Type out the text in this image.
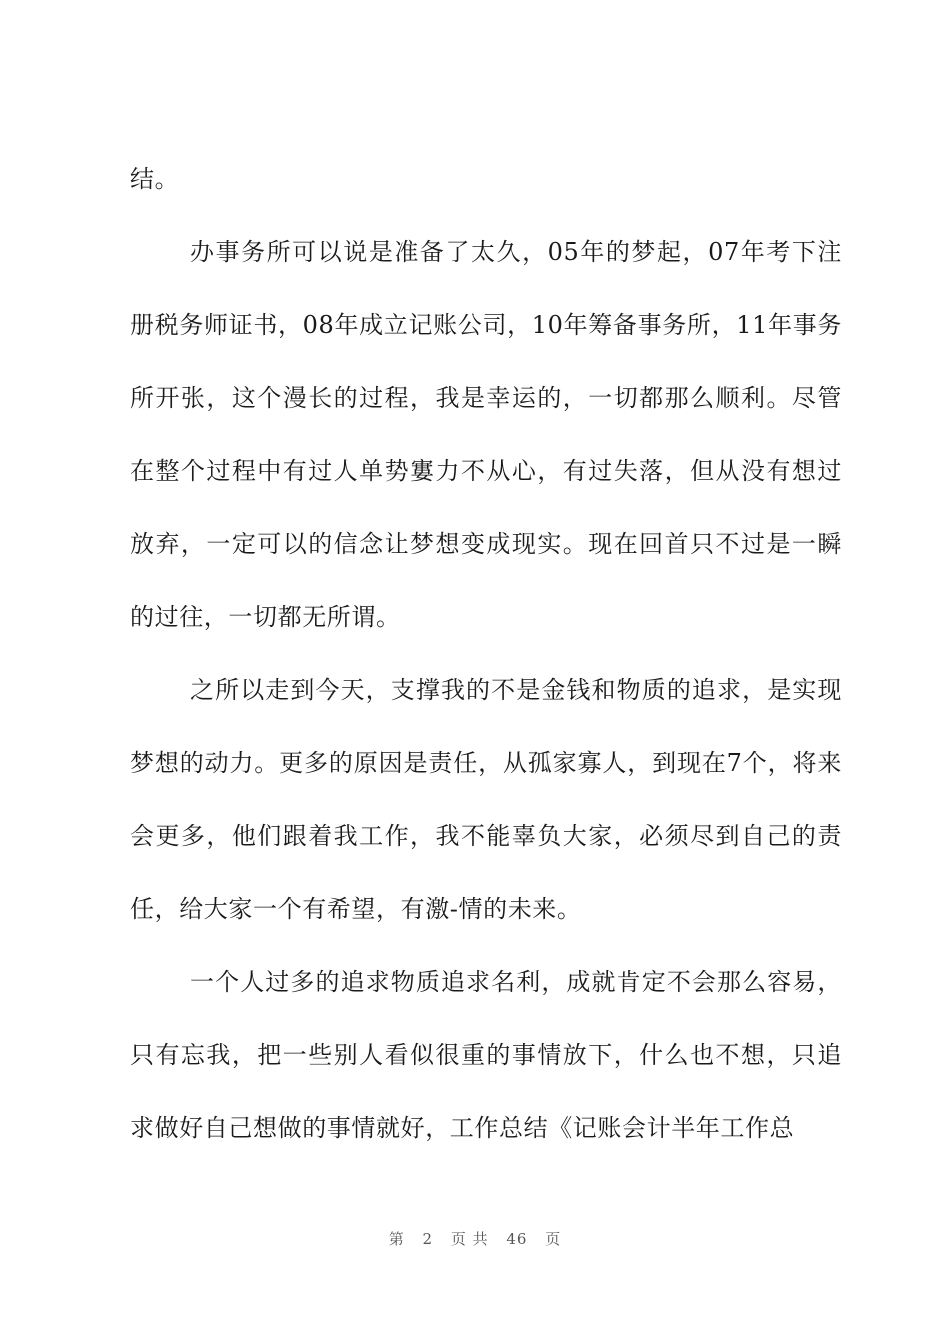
结。

办事务所可以说是准备了太久，05年的梦起，07年考下注册税务师证书，08年成立记账公司，10年筹备事务所，11年事务所开张，这个漫长的过程，我是幸运的，一切都那么顺利。尽管在整个过程中有过人单势寠力不从心，有过失落，但从没有想过放弃，一定可以的信念让梦想变成现实。现在回首只不过是一瞬的过往，一切都无所谓。

之所以走到今天，支撑我的不是金钱和物质的追求，是实现梦想的动力。更多的原因是责任，从孤家寡人，到现在7个，将来会更多，他们跟着我工作，我不能辜负大家，必须尽到自己的责任，给大家一个有希望，有激-情的未来。

一个人过多的追求物质追求名利，成就肯定不会那么容易，只有忘我，把一些别人看似很重的事情放下，什么也不想，只追求做好自己想做的事情就好，工作总结《记账会计半年工作总

第 2 页 共 46 页
